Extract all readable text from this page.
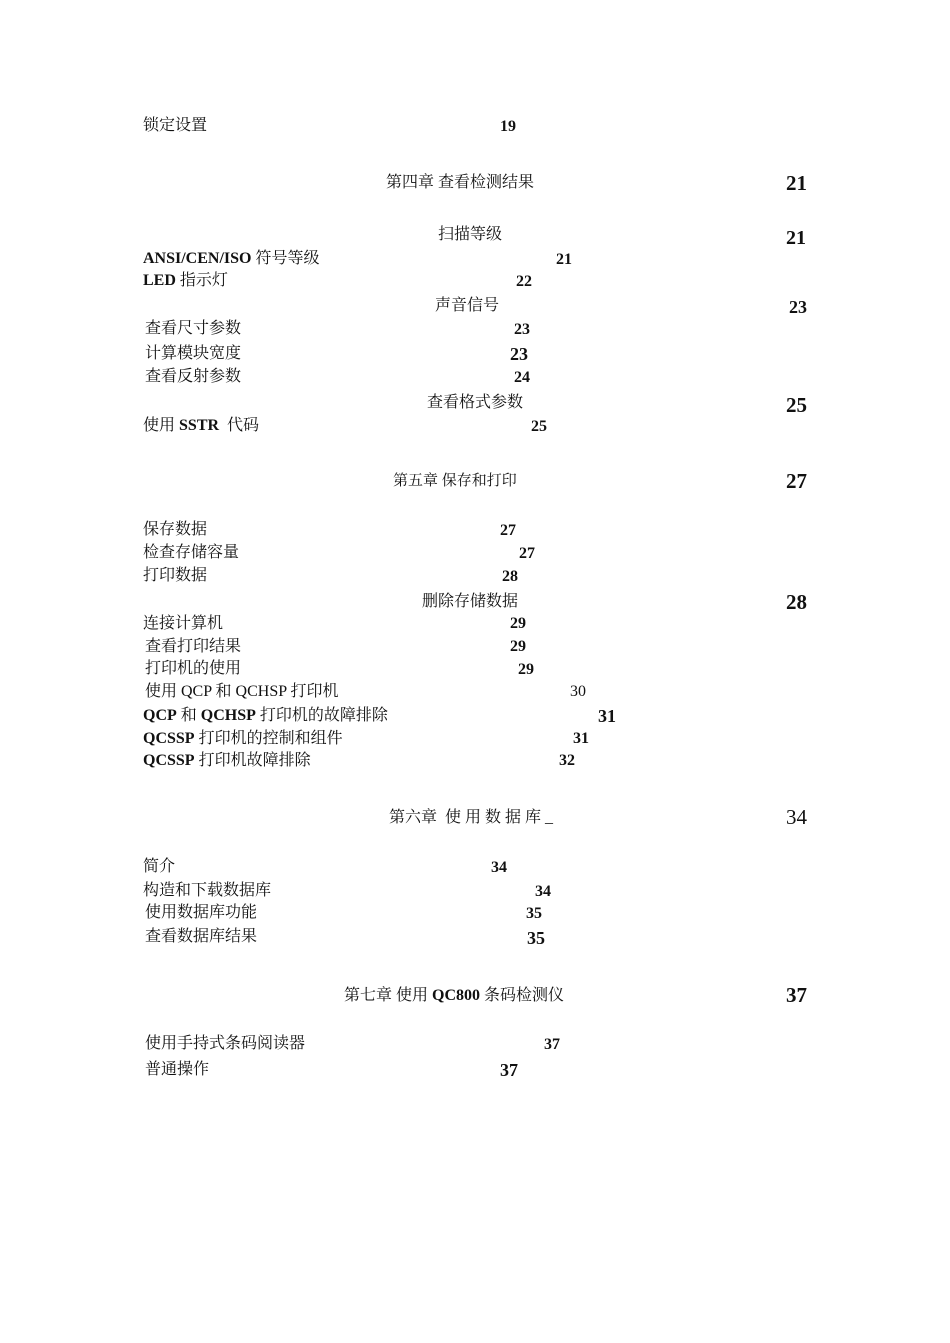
锁定设置	19
第四章 查看检测结果	21
扫描等级	21
ANSI/CEN/ISO 符号等级	21
LED 指示灯	22
声音信号	23
查看尺寸参数	23
计算模块宽度	23
查看反射参数	24
查看格式参数	25
使用 SSTR  代码	25
第五章 保存和打印	27
保存数据	27
检查存储容量	27
打印数据	28
删除存储数据	28
连接计算机	29
查看打印结果	29
打印机的使用	29
使用 QCP 和 QCHSP 打印机	30
QCP 和 QCHSP 打印机的故障排除	31
QCSSP 打印机的控制和组件	31
QCSSP 打印机故障排除	32
第六章  使 用 数 据 库 _	34
简介	34
构造和下载数据库	34
使用数据库功能	35
查看数据库结果	35
第七章 使用 QC800 条码检测仪	37
使用手持式条码阅读器	37
普通操作	37
